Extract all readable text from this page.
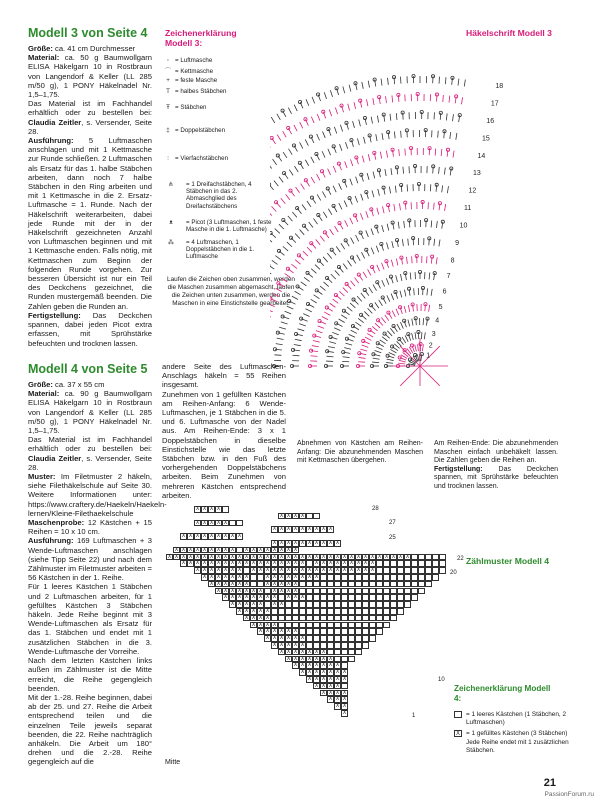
Modell 3 von Seite 4

Größe: ca. 41 cm Durchmesser

Material: ca. 50 g Baumwollgarn ELISA Häkelgarn 10 in Rostbraun von Langendorf & Keller (LL 285 m/50 g), 1 PONY Häkelnadel Nr. 1,5–1,75.

Das Material ist im Fachhandel erhältlich oder zu bestellen bei: Claudia Zeitler, s. Versender, Seite 28.

Ausführung: 5 Luftmaschen anschlagen und mit 1 Kettmasche zur Runde schließen. 2 Luftmaschen als Ersatz für das 1. halbe Stäbchen arbeiten, dann noch 7 halbe Stäbchen in den Ring arbeiten und mit 1 Kettmasche in die 2. Ersatz-Luftmasche = 1. Runde. Nach der Häkelschrift weiterarbeiten, dabei jede Runde mit der in der Häkelschrift gezeichneten Anzahl von Luftmaschen beginnen und mit 1 Kettmasche enden. Falls nötig, mit Kettmaschen zum Beginn der folgenden Runde vorgehen. Zur besseren Übersicht ist nur ein Teil des Deckchens gezeichnet, die Runden mustergemäß beenden. Die Zahlen geben die Runden an.

Fertigstellung: Das Deckchen spannen, dabei jeden Picot extra erfassen, mit Sprühstärke befeuchten und trocknen lassen.

Zeichenerklärung Modell 3:
◦ = Luftmasche
⌒ = Kettmasche
+ = feste Masche
T = halbes Stäbchen
Ŧ = Stäbchen
‡ = Doppelstäbchen
⫶	= Vierfachstäbchen
⋔	= 1 Dreifachstäbchen, 4 Stäbchen in das 2. Abmaschglied des Dreifachstäbchens
ᴥ	= Picot (3 Luftmaschen, 1 feste Masche in die 1. Luftmasche)
⁂	= 4 Luftmaschen, 1 Doppelstäbchen in die 1. Luftmasche
Laufen die Zeichen oben zusammen, werden die Maschen zusammen abgemascht, laufen die Zeichen unten zusammen, werden die Maschen in eine Einstichstelle gearbeitet.
Häkelschrift Modell 3
1
2
3
4
5
6
7
8
9
10
11
12
13
14
15
16
17
18
Modell 4 von Seite 5

Größe: ca. 37 x 55 cm

Material: ca. 90 g Baumwollgarn ELISA Häkelgarn 10 in Rostbraun von Langendorf & Keller (LL 285 m/50 g), 1 PONY Häkelnadel Nr. 1,5–1,75.

Das Material ist im Fachhandel erhältlich oder zu bestellen bei: Claudia Zeitler, s. Versender, Seite 28.

Muster: Im Filetmuster 2 häkeln, siehe Filethäkelschule auf Seite 30. Weitere Informationen unter: https://www.craftery.de/Haekeln/Haekeln-lernen/Kleine-Filethaekelschule

Maschenprobe: 12 Kästchen + 15 Reihen = 10 x 10 cm.

Ausführung: 169 Luftmaschen + 3 Wende-Luftmaschen anschlagen (siehe Tipp Seite 22) und nach dem Zählmuster im Filetmuster arbeiten = 56 Kästchen in der 1. Reihe.

Für 1 leeres Kästchen 1 Stäbchen und 2 Luftmaschen arbeiten, für 1 gefülltes Kästchen 3 Stäbchen häkeln. Jede Reihe beginnt mit 3 Wende-Luftmaschen als Ersatz für das 1. Stäbchen und endet mit 1 zusätzlichen Stäbchen in die 3. Wende-Luftmasche der Vorreihe.

Nach dem letzten Kästchen links außen im Zählmuster ist die Mitte erreicht, die Reihe gegengleich beenden.

Mit der 1.-28. Reihe beginnen, dabei ab der 25. und 27. Reihe die Arbeit entsprechend teilen und die einzelnen Teile jeweils separat beenden, die 22. Reihe nachträglich anhäkeln. Die Arbeit um 180° drehen und die 2.-28. Reihe gegengleich auf die

andere Seite des Luftmaschen-Anschlags häkeln = 55 Reihen insgesamt.

Zunehmen von 1 gefüllten Kästchen am Reihen-Anfang: 6 Wende-Luftmaschen, je 1 Stäbchen in die 5. und 6. Luftmasche von der Nadel aus. Am Reihen-Ende: 3 x 1 Doppelstäbchen in dieselbe Einstichstelle wie das letzte Stäbchen bzw. in den Fuß des vorhergehenden Doppelstäbchens arbeiten. Beim Zunehmen von mehreren Kästchen entsprechend arbeiten.

Abnehmen von Kästchen am Reihen-Anfang: Die abzunehmenden Maschen mit Kettmaschen übergehen.

Am Reihen-Ende: Die abzunehmenden Maschen einfach unbehäkelt lassen. Die Zahlen geben die Reihen an.

Fertigstellung: Das Deckchen spannen, mit Sprühstärke befeuchten und trocknen lassen.

Zählmuster Modell 4
X X X X
X X X X
X X X X X
X X X X X X X X X
X X X X X X X X X
X X X X X X X X X X
X X X X X X X X X	X X X X X X X X
X X X X X X X X X X X X X X X X X X X X X X X X X X X X X X X X X X X
X X X X X X X X X X X X X X X X X X	X X X X X X X X X
X X X X X X X	X X X X X X X X X X X X X X X X X X
X X X X X X X	X X X X X X X X
X X X X X X	X X X X X
X X X X X X X	X X X X
X X X X X X X X	X X X
X X X X X	X X
X X X X X
X X X X
X X X X
X X X X X X
X X X X X X
X X X X X
X X X X X X X
X X X X X X X
X X X X X X X
X X X X X X X
X X X X X X
X X X X
X X X X
X X X
X X
X
28
27
25
22
20
10
1
Mitte
Zeichenerklärung Modell 4:
= 1 leeres Kästchen (1 Stäbchen, 2 Luftmaschen)
X = 1 gefülltes Kästchen (3 Stäbchen)
Jede Reihe endet mit 1 zusätzlichen Stäbchen.
21
PassionForum.ru
